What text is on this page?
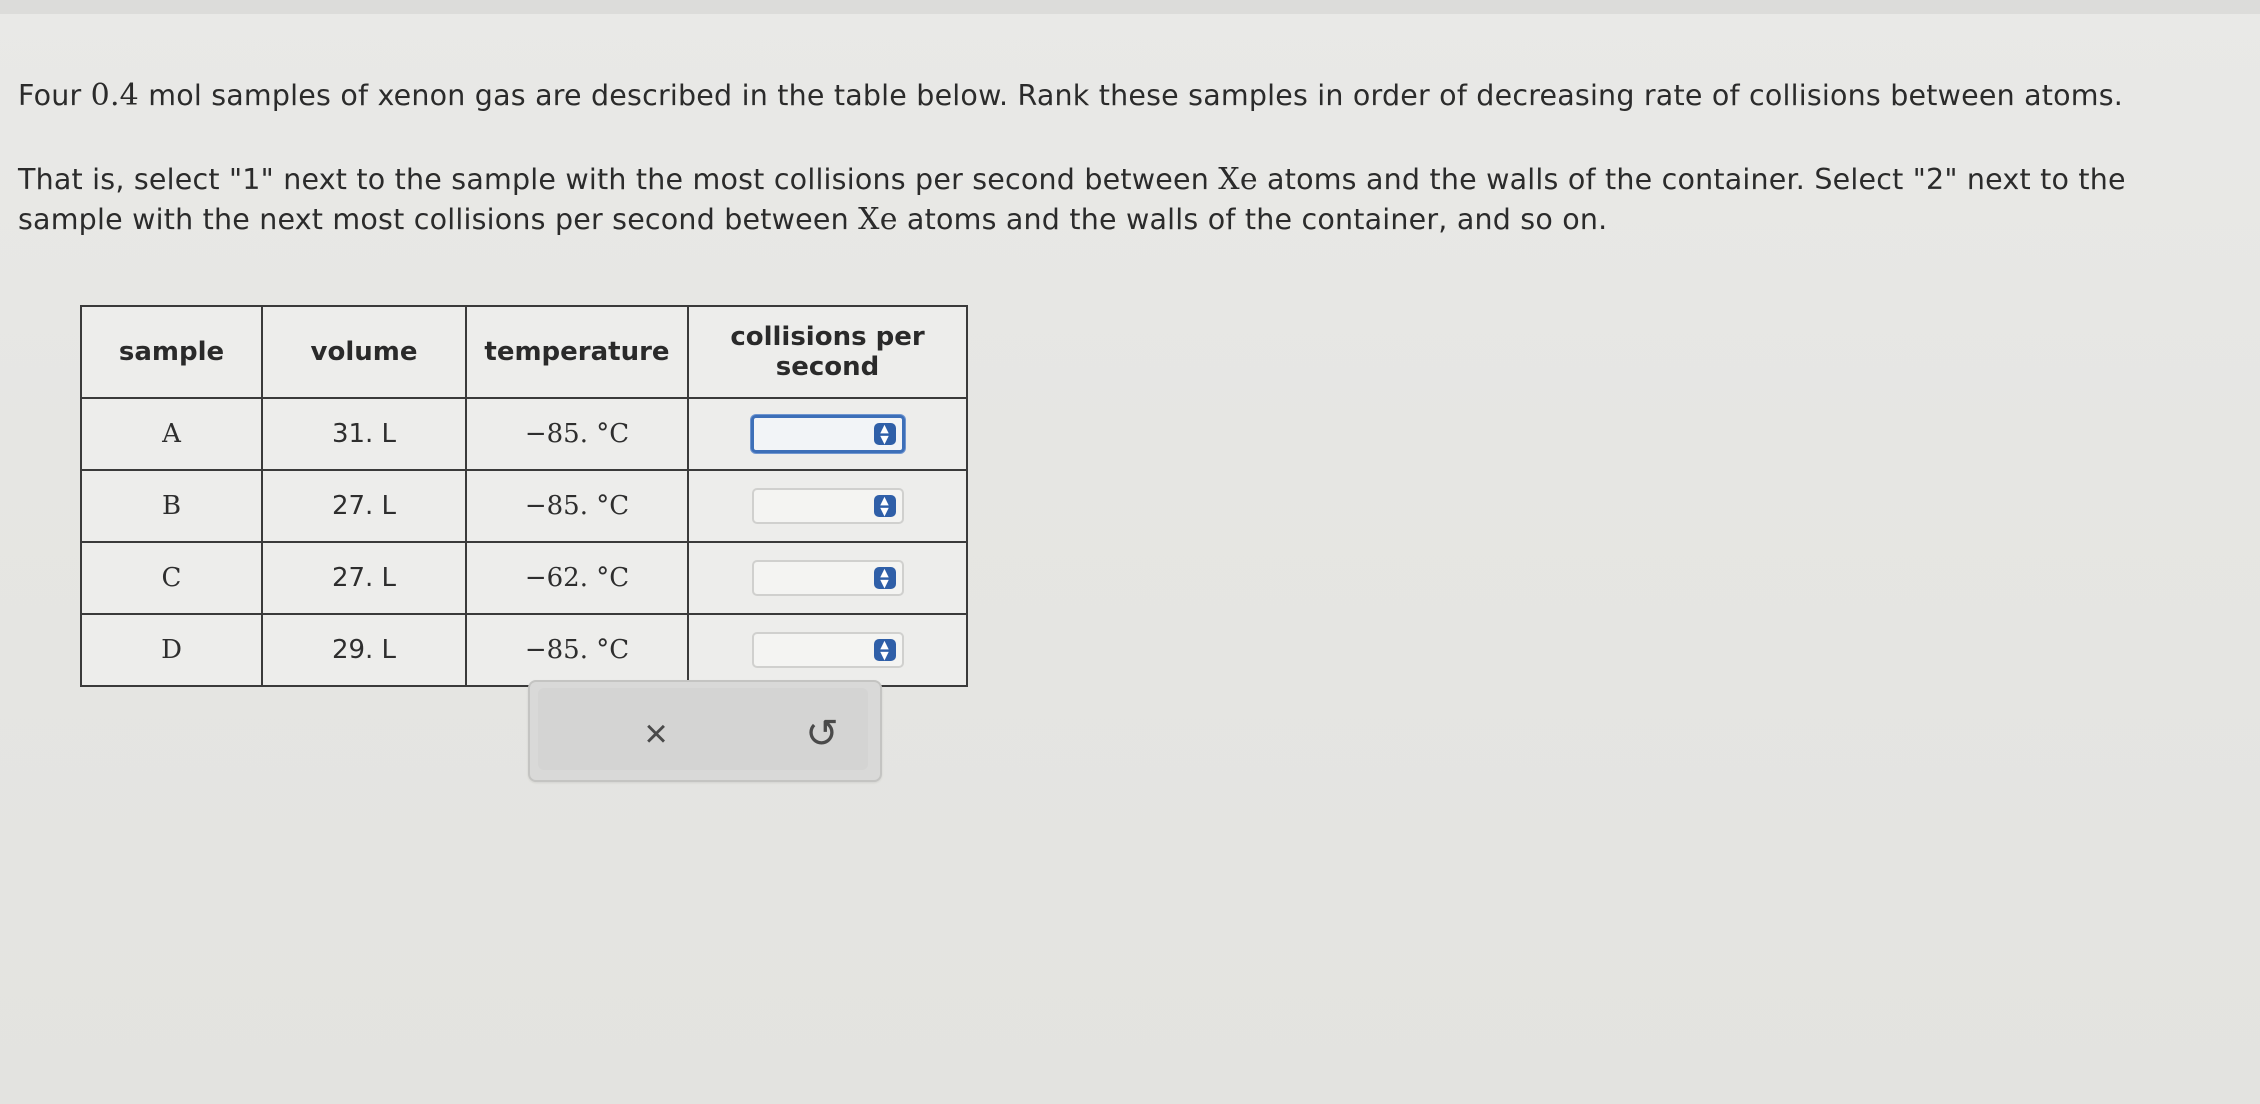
Four 0.4 mol samples of xenon gas are described in the table below. Rank these samples in order of decreasing rate of collisions between atoms.

That is, select "1" next to the sample with the most collisions per second between Xe atoms and the walls of the container. Select "2" next to the sample with the next most collisions per second between Xe atoms and the walls of the container, and so on.

sample	volume	temperature	collisions per second
A	31. L	−85. °C	▲
▼

B	27. L	−85. °C	▲
▼

C	27. L	−62. °C	▲
▼

D	29. L	−85. °C	▲
▼
×	↺
